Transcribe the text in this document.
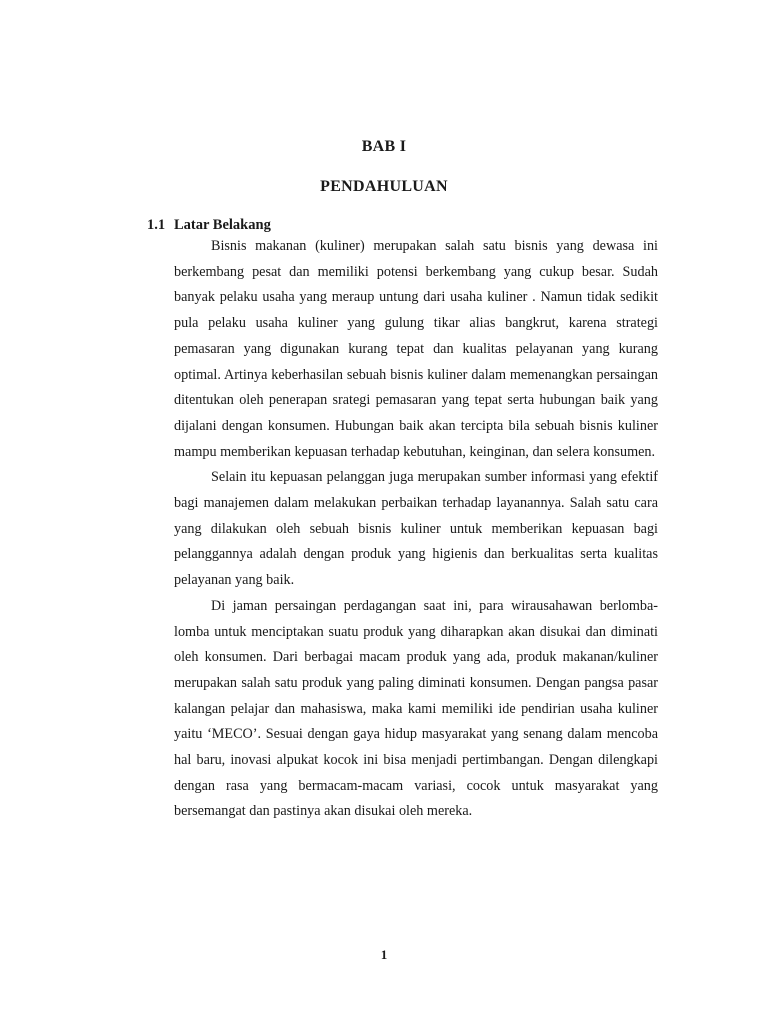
BAB I
PENDAHULUAN
1.1 Latar Belakang

Bisnis makanan (kuliner) merupakan salah satu bisnis yang dewasa ini berkembang pesat dan memiliki potensi berkembang yang cukup besar. Sudah banyak pelaku usaha yang meraup untung dari usaha kuliner . Namun tidak sedikit pula pelaku usaha kuliner yang gulung tikar alias bangkrut, karena strategi pemasaran yang digunakan kurang tepat dan kualitas pelayanan yang kurang optimal. Artinya keberhasilan sebuah bisnis kuliner dalam memenangkan persaingan ditentukan oleh penerapan srategi pemasaran yang tepat serta hubungan baik yang dijalani dengan konsumen. Hubungan baik akan tercipta bila sebuah bisnis kuliner mampu memberikan kepuasan terhadap kebutuhan, keinginan, dan selera konsumen.

Selain itu kepuasan pelanggan juga merupakan sumber informasi yang efektif bagi manajemen dalam melakukan perbaikan terhadap layanannya. Salah satu cara yang dilakukan oleh sebuah bisnis kuliner untuk memberikan kepuasan bagi pelanggannya adalah dengan produk yang higienis dan berkualitas serta kualitas pelayanan yang baik.

Di jaman persaingan perdagangan saat ini, para wirausahawan berlomba-lomba untuk menciptakan suatu produk yang diharapkan akan disukai dan diminati oleh konsumen. Dari berbagai macam produk yang ada, produk makanan/kuliner merupakan salah satu produk yang paling diminati konsumen. Dengan pangsa pasar kalangan pelajar dan mahasiswa, maka kami memiliki ide pendirian usaha kuliner yaitu ‘MECO’. Sesuai dengan gaya hidup masyarakat yang senang dalam mencoba hal baru, inovasi alpukat kocok ini bisa menjadi pertimbangan. Dengan dilengkapi dengan rasa yang bermacam-macam variasi, cocok untuk masyarakat yang bersemangat dan pastinya akan disukai oleh mereka.

1
